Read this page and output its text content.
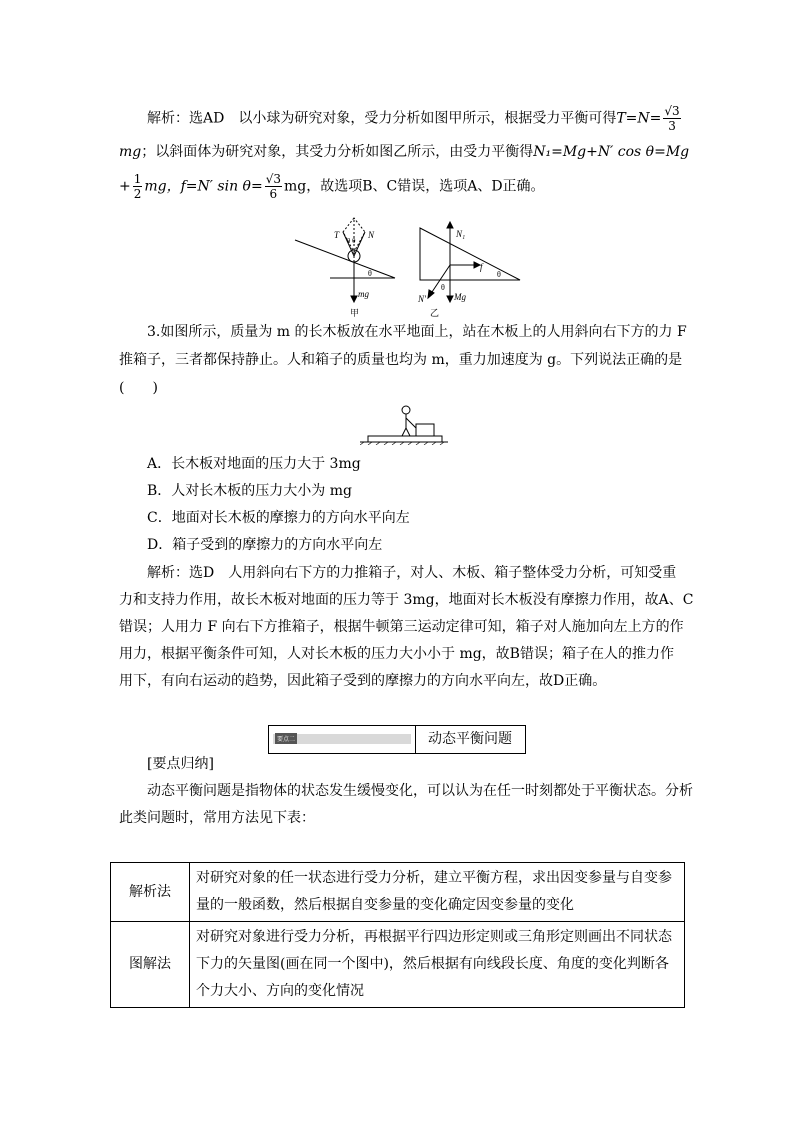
解析：选AD　以小球为研究对象，受力分析如图甲所示，根据受力平衡可得$T=N= \frac{√3}{3}$
mg；以斜面体为研究对象，其受力分析如图乙所示，由受力平衡得N₁=Mg+N′ cos θ=Mg
+ $\frac{1}{2}$ mg，f=N′ $\sin \theta= \frac{√3}{6}$ mg，故选项B、C错误，选项A、D正确。
T	N
θ θ
θ
mg
甲
N₁
f
θ
θ
N′	Mg
乙
3.如图所示，质量为 m 的长木板放在水平地面上，站在木板上的人用斜向右下方的力 F
推箱子，三者都保持静止。人和箱子的质量也均为 m，重力加速度为 g。下列说法正确的是
(　　)
A．长木板对地面的压力大于 3mg
B．人对长木板的压力大小为 mg
C．地面对长木板的摩擦力的方向水平向左
D．箱子受到的摩擦力的方向水平向左
解析：选D　人用斜向右下方的力推箱子，对人、木板、箱子整体受力分析，可知受重
力和支持力作用，故长木板对地面的压力等于 3mg，地面对长木板没有摩擦力作用，故A、C
错误；人用力 F 向右下方推箱子，根据牛顿第三运动定律可知，箱子对人施加向左上方的作
用力，根据平衡条件可知，人对长木板的压力大小小于 mg，故B错误；箱子在人的推力作
用下，有向右运动的趋势，因此箱子受到的摩擦力的方向水平向左，故D正确。
要点二	动态平衡问题
[要点归纳]
动态平衡问题是指物体的状态发生缓慢变化，可以认为在任一时刻都处于平衡状态。分析
此类问题时，常用方法见下表：
解析法	对研究对象的任一状态进行受力分析，建立平衡方程，求出因变参量与自变参量的一般函数，然后根据自变参量的变化确定因变参量的变化
图解法	对研究对象进行受力分析，再根据平行四边形定则或三角形定则画出不同状态下力的矢量图(画在同一个图中)，然后根据有向线段长度、角度的变化判断各个力大小、方向的变化情况
